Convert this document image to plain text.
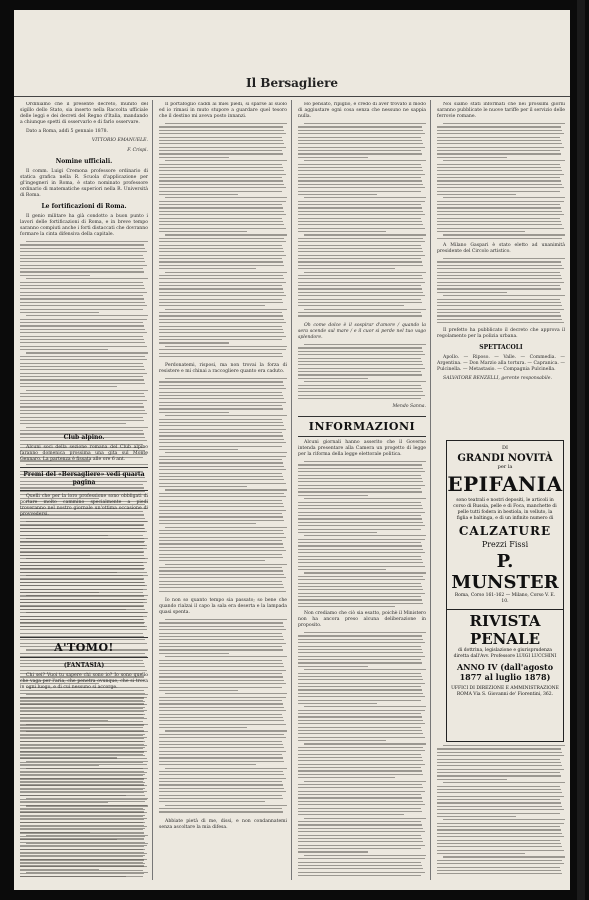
Il Bersagliere

Ordiniamo che il presente decreto, munito del sigillo dello Stato, sia inserto nella Raccolta ufficiale delle leggi e dei decreti del Regno d'Italia, mandando a chiunque spetti di osservarlo e di farlo osservare.

Dato a Roma, addì 5 gennaio 1878.

VITTORIO EMANUELE.
F. Crispi.
Nomine ufficiali.

Il comm. Luigi Cremona professore ordinario di statica grafica nella R. Scuola d'applicazione per gl'ingegneri in Roma, è stato nominato professore ordinario di matematiche superiori nella R. Università di Roma.

Le fortificazioni di Roma.

Il genio militare ha già condotto a buon punto i lavori delle fortificazioni di Roma, e in breve tempo saranno compiuti anche i forti distaccati che dovranno formare la cinta difensiva della capitale.

Club alpino.

Alcuni soci della sezione romana del Club alpino faranno domenica prossima una gita sul Monte Gennaro. La partenza è fissata alle ore 6 ant.

Premi del «Bersagliere» vedi quarta pagina

Quelli che per la loro professione sono obbligati di portare molto cammino specialmente a piedi troveranno nel nostro giornale un'ottima occasione di provvedersi.

A'TOMO!
(FANTASIA)

Chi sei? Vuoi tu sapere chi sono io? Io sono quello che vaga per l'aria, che penetra ovunque, che si trova in ogni luogo, e di cui nessuno si accorge.

Il portafoglio caddi ai miei piedi, si sparse al suolo ed io rimasi in muto stupore a guardare quel tesoro che il destino mi aveva posto innanzi.

Perdonatemi, risposi, ma non trovai la forza di resistere e mi chinai a raccogliere quanto era caduto.

Io non so quanto tempo sia passato; so bene che quando rialzai il capo la sala era deserta e la lampada quasi spenta.

Abbiate pietà di me, dissi, e non condannatemi senza ascoltare la mia difesa.

Ho pensato, ripigliò, e credo di aver trovato il modo di aggiustare ogni cosa senza che nessuno ne sappia nulla.

Oh come dolce è il sospirar d'amore / quando la sera scende sul mare / e il cuor si perde nel tuo vago splendore.

Mendo Sanna.
INFORMAZIONI

Alcuni giornali hanno asserito che il Governo intenda presentare alla Camera un progetto di legge per la riforma della legge elettorale politica.

Non crediamo che ciò sia esatto, poichè il Ministero non ha ancora preso alcuna deliberazione in proposito.

Noi siamo stati informati che nei prossimi giorni saranno pubblicate le nuove tariffe per il servizio delle ferrovie romane.

A Milano Gaspari è stato eletto ad unanimità presidente del Circolo artistico.

Il prefetto ha pubblicato il decreto che approva il regolamento per la polizia urbana.

SPETTACOLI

Apollo. — Riposo. — Valle. — Commedia. — Argentina. — Don Marzio alla tortura. — Capranica. — Pulcinella. — Metastasio. — Compagnia Pulcinella.

SALVATORE BENZELLI, gerente responsabile.

DI
GRANDI NOVITÀ
per la
EPIFANIA
sono teatrali e nostri depositi, le articoli in corso di Russia, pelle e di Foca, manchette di pelle tutti fodera in bestiola, in velluto, la figlia e baltinga, e di un infinito numero di
CALZATURE
Prezzi Fissi
P. MUNSTER
Roma, Corso 161-162 — Milano, Corso V. E. 10.
RIVISTA PENALE
di dottrina, legislazione e giurisprudenza diretta dall'Avv. Professore LUIGI LUCCHINI
ANNO IV (dall'agosto 1877 al luglio 1878)
UFFICI DI DIREZIONE E AMMINISTRAZIONE ROMA Via S. Giovanni de' Fiorentini, 362.
